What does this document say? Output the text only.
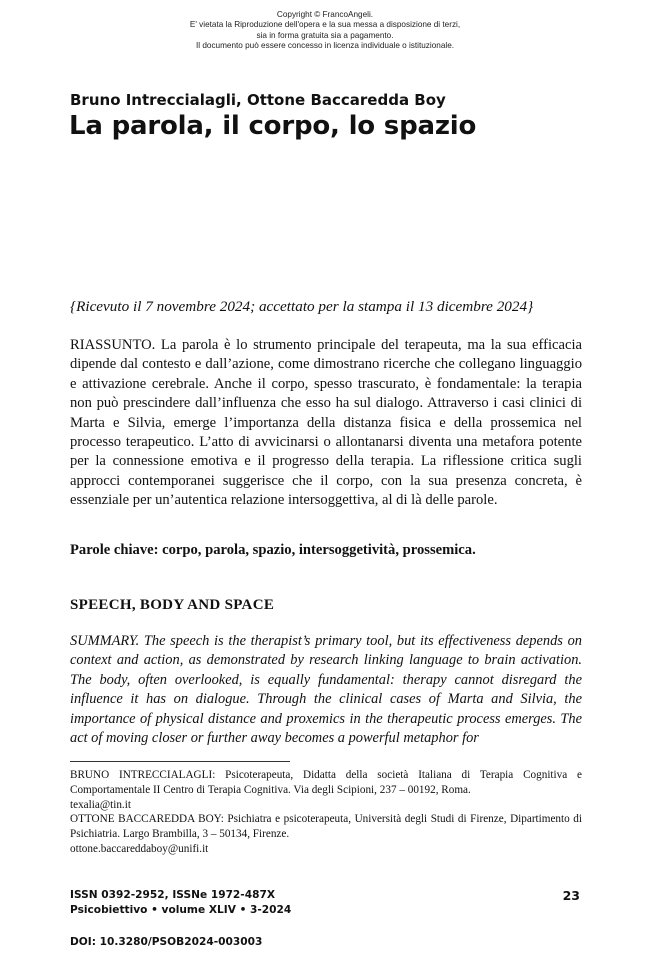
Copyright © FrancoAngeli.
E' vietata la Riproduzione dell'opera e la sua messa a disposizione di terzi,
sia in forma gratuita sia a pagamento.
Il documento può essere concesso in licenza individuale o istituzionale.
Bruno Intreccialagli, Ottone Baccaredda Boy
La parola, il corpo, lo spazio
{Ricevuto il 7 novembre 2024; accettato per la stampa il 13 dicembre 2024}

RIASSUNTO. La parola è lo strumento principale del terapeuta, ma la sua efficacia dipende dal contesto e dall’azione, come dimostrano ricerche che collegano linguaggio e attivazione cerebrale. Anche il corpo, spesso trascurato, è fondamentale: la terapia non può prescindere dall’influenza che esso ha sul dialogo. Attraverso i casi clinici di Marta e Silvia, emerge l’importanza della distanza fisica e della prossemica nel processo terapeutico. L’atto di avvicinarsi o allontanarsi diventa una metafora potente per la connessione emotiva e il progresso della terapia. La riflessione critica sugli approcci contemporanei suggerisce che il corpo, con la sua presenza concreta, è essenziale per un’autentica relazione intersoggettiva, al di là delle parole.

Parole chiave: corpo, parola, spazio, intersoggetività, prossemica.
SPEECH, BODY AND SPACE

SUMMARY. The speech is the therapist’s primary tool, but its effectiveness depends on context and action, as demonstrated by research linking language to brain activation. The body, often overlooked, is equally fundamental: therapy cannot disregard the influence it has on dialogue. Through the clinical cases of Marta and Silvia, the importance of physical distance and proxemics in the therapeutic process emerges. The act of moving closer or further away becomes a powerful metaphor for

BRUNO INTRECCIALAGLI: Psicoterapeuta, Didatta della società Italiana di Terapia Cognitiva e Comportamentale II Centro di Terapia Cognitiva. Via degli Scipioni, 237 – 00192, Roma.

texalia@tin.it

OTTONE BACCAREDDA BOY: Psichiatra e psicoterapeuta, Università degli Studi di Firenze, Dipartimento di Psichiatria. Largo Brambilla, 3 – 50134, Firenze.

ottone.baccareddaboy@unifi.it
ISSN 0392-2952, ISSNe 1972-487X
Psicobiettivo • volume XLIV • 3-2024
23
DOI: 10.3280/PSOB2024-003003
